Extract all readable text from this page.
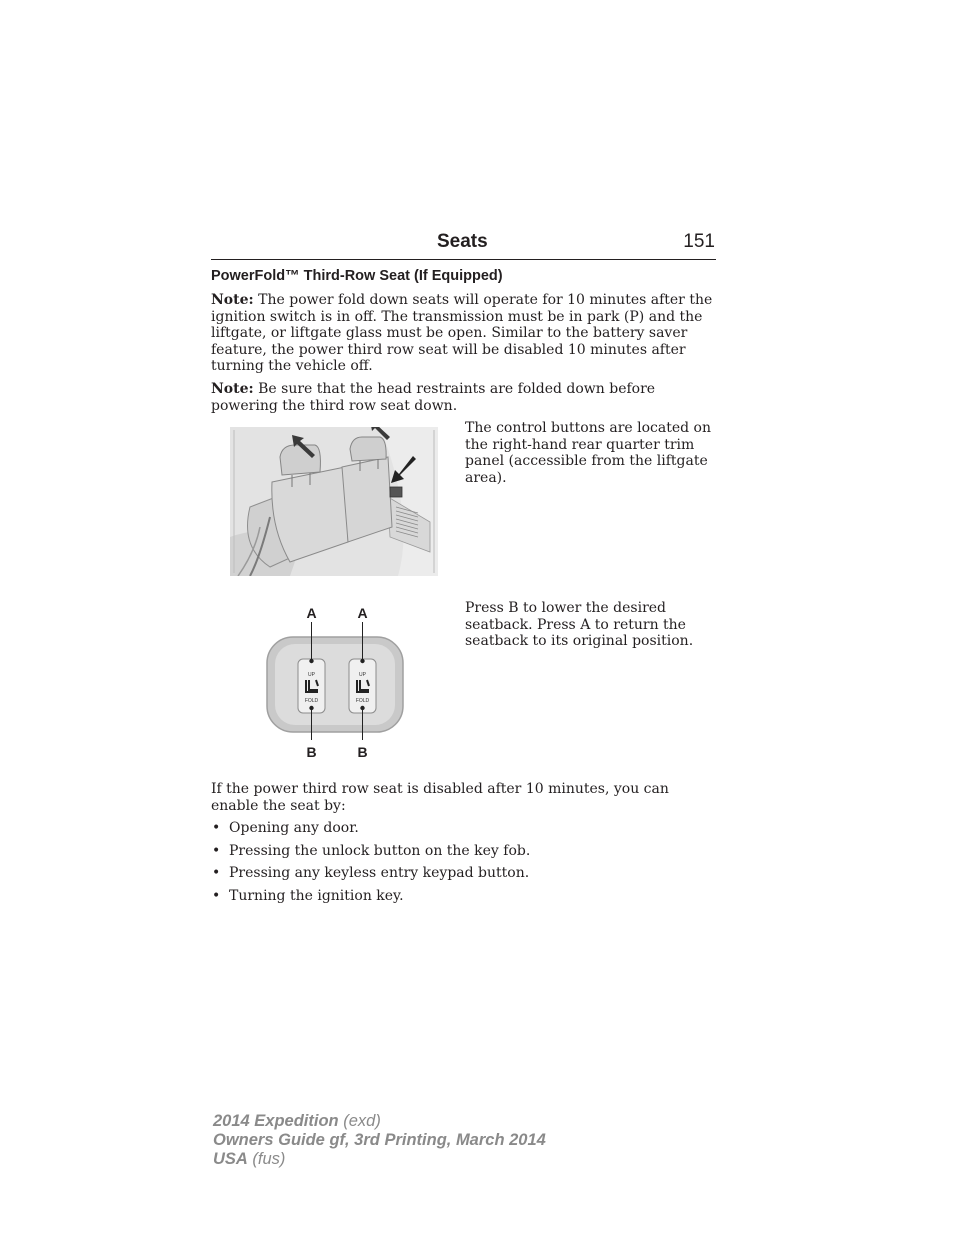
Seats	151
PowerFold™ Third-Row Seat (If Equipped)

Note: The power fold down seats will operate for 10 minutes after the ignition switch is in off. The transmission must be in park (P) and the liftgate, or liftgate glass must be open. Similar to the battery saver feature, the power third row seat will be disabled 10 minutes after turning the vehicle off.

Note: Be sure that the head restraints are folded down before powering the third row seat down.

The control buttons are located on the right-hand rear quarter trim panel (accessible from the liftgate area).

UP
FOLD
UP
FOLD
A	A
B	B

Press B to lower the desired seatback. Press A to return the seatback to its original position.

If the power third row seat is disabled after 10 minutes, you can enable the seat by:

• Opening any door.
• Pressing the unlock button on the key fob.
• Pressing any keyless entry keypad button.
• Turning the ignition key.
2014 Expedition (exd)
Owners Guide gf, 3rd Printing, March 2014
USA (fus)
